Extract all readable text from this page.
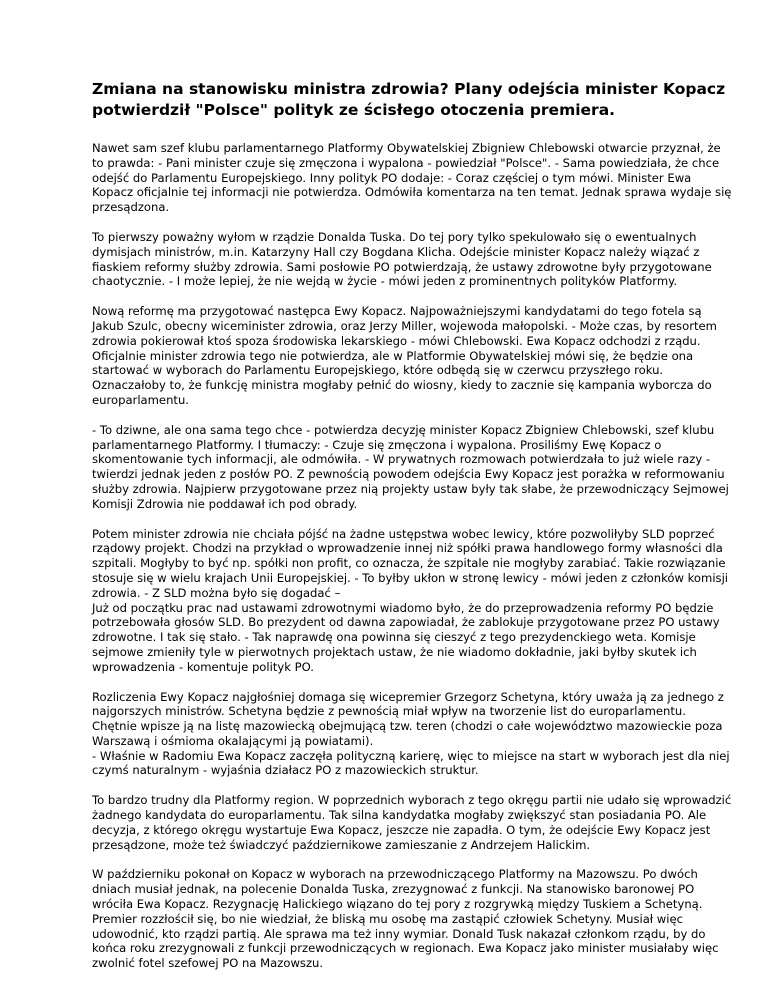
Zmiana na stanowisku ministra zdrowia? Plany odejścia minister Kopacz potwierdził "Polsce" polityk ze ścisłego otoczenia premiera.
Nawet sam szef klubu parlamentarnego Platformy Obywatelskiej Zbigniew Chlebowski otwarcie przyznał, że to prawda: - Pani minister czuje się zmęczona i wypalona - powiedział "Polsce". - Sama powiedziała, że chce odejść do Parlamentu Europejskiego. Inny polityk PO dodaje: - Coraz częściej o tym mówi. Minister Ewa Kopacz oficjalnie tej informacji nie potwierdza. Odmówiła komentarza na ten temat. Jednak sprawa wydaje się przesądzona.
To pierwszy poważny wyłom w rządzie Donalda Tuska. Do tej pory tylko spekulowało się o ewentualnych dymisjach ministrów, m.in. Katarzyny Hall czy Bogdana Klicha. Odejście minister Kopacz należy wiązać z fiaskiem reformy służby zdrowia. Sami posłowie PO potwierdzają, że ustawy zdrowotne były przygotowane chaotycznie. - I może lepiej, że nie wejdą w życie - mówi jeden z prominentnych polityków Platformy.
Nową reformę ma przygotować następca Ewy Kopacz. Najpoważniejszymi kandydatami do tego fotela są Jakub Szulc, obecny wiceminister zdrowia, oraz Jerzy Miller, wojewoda małopolski. - Może czas, by resortem zdrowia pokierował ktoś spoza środowiska lekarskiego - mówi Chlebowski. Ewa Kopacz odchodzi z rządu. Oficjalnie minister zdrowia tego nie potwierdza, ale w Platformie Obywatelskiej mówi się, że będzie ona startować w wyborach do Parlamentu Europejskiego, które odbędą się w czerwcu przyszłego roku. Oznaczałoby to, że funkcję ministra mogłaby pełnić do wiosny, kiedy to zacznie się kampania wyborcza do europarlamentu.
- To dziwne, ale ona sama tego chce - potwierdza decyzję minister Kopacz Zbigniew Chlebowski, szef klubu parlamentarnego Platformy. I tłumaczy: - Czuje się zmęczona i wypalona. Prosiliśmy Ewę Kopacz o skomentowanie tych informacji, ale odmówiła. - W prywatnych rozmowach potwierdzała to już wiele razy - twierdzi jednak jeden z posłów PO. Z pewnością powodem odejścia Ewy Kopacz jest porażka w reformowaniu służby zdrowia. Najpierw przygotowane przez nią projekty ustaw były tak słabe, że przewodniczący Sejmowej Komisji Zdrowia nie poddawał ich pod obrady.
Potem minister zdrowia nie chciała pójść na żadne ustępstwa wobec lewicy, które pozwoliłyby SLD poprzeć rządowy projekt. Chodzi na przykład o wprowadzenie innej niż spółki prawa handlowego formy własności dla szpitali. Mogłyby to być np. spółki non profit, co oznacza, że szpitale nie mogłyby zarabiać. Takie rozwiązanie stosuje się w wielu krajach Unii Europejskiej. - To byłby ukłon w stronę lewicy - mówi jeden z członków komisji zdrowia. - Z SLD można było się dogadać –
Już od początku prac nad ustawami zdrowotnymi wiadomo było, że do przeprowadzenia reformy PO będzie potrzebowała głosów SLD. Bo prezydent od dawna zapowiadał, że zablokuje przygotowane przez PO ustawy zdrowotne. I tak się stało. - Tak naprawdę ona powinna się cieszyć z tego prezydenckiego weta. Komisje sejmowe zmieniły tyle w pierwotnych projektach ustaw, że nie wiadomo dokładnie, jaki byłby skutek ich wprowadzenia - komentuje polityk PO.
Rozliczenia Ewy Kopacz najgłośniej domaga się wicepremier Grzegorz Schetyna, który uważa ją za jednego z najgorszych ministrów. Schetyna będzie z pewnością miał wpływ na tworzenie list do europarlamentu. Chętnie wpisze ją na listę mazowiecką obejmującą tzw. teren (chodzi o całe województwo mazowieckie poza Warszawą i ośmioma okalającymi ją powiatami).
- Właśnie w Radomiu Ewa Kopacz zaczęła polityczną karierę, więc to miejsce na start w wyborach jest dla niej czymś naturalnym - wyjaśnia działacz PO z mazowieckich struktur.
To bardzo trudny dla Platformy region. W poprzednich wyborach z tego okręgu partii nie udało się wprowadzić żadnego kandydata do europarlamentu. Tak silna kandydatka mogłaby zwiększyć stan posiadania PO. Ale decyzja, z którego okręgu wystartuje Ewa Kopacz, jeszcze nie zapadła. O tym, że odejście Ewy Kopacz jest przesądzone, może też świadczyć październikowe zamieszanie z Andrzejem Halickim.
W październiku pokonał on Kopacz w wyborach na przewodniczącego Platformy na Mazowszu. Po dwóch dniach musiał jednak, na polecenie Donalda Tuska, zrezygnować z funkcji. Na stanowisko baronowej PO wróciła Ewa Kopacz. Rezygnację Halickiego wiązano do tej pory z rozgrywką między Tuskiem a Schetyną. Premier rozzłościł się, bo nie wiedział, że bliską mu osobę ma zastąpić człowiek Schetyny. Musiał więc udowodnić, kto rządzi partią. Ale sprawa ma też inny wymiar. Donald Tusk nakazał członkom rządu, by do końca roku zrezygnowali z funkcji przewodniczących w regionach. Ewa Kopacz jako minister musiałaby więc zwolnić fotel szefowej PO na Mazowszu.
